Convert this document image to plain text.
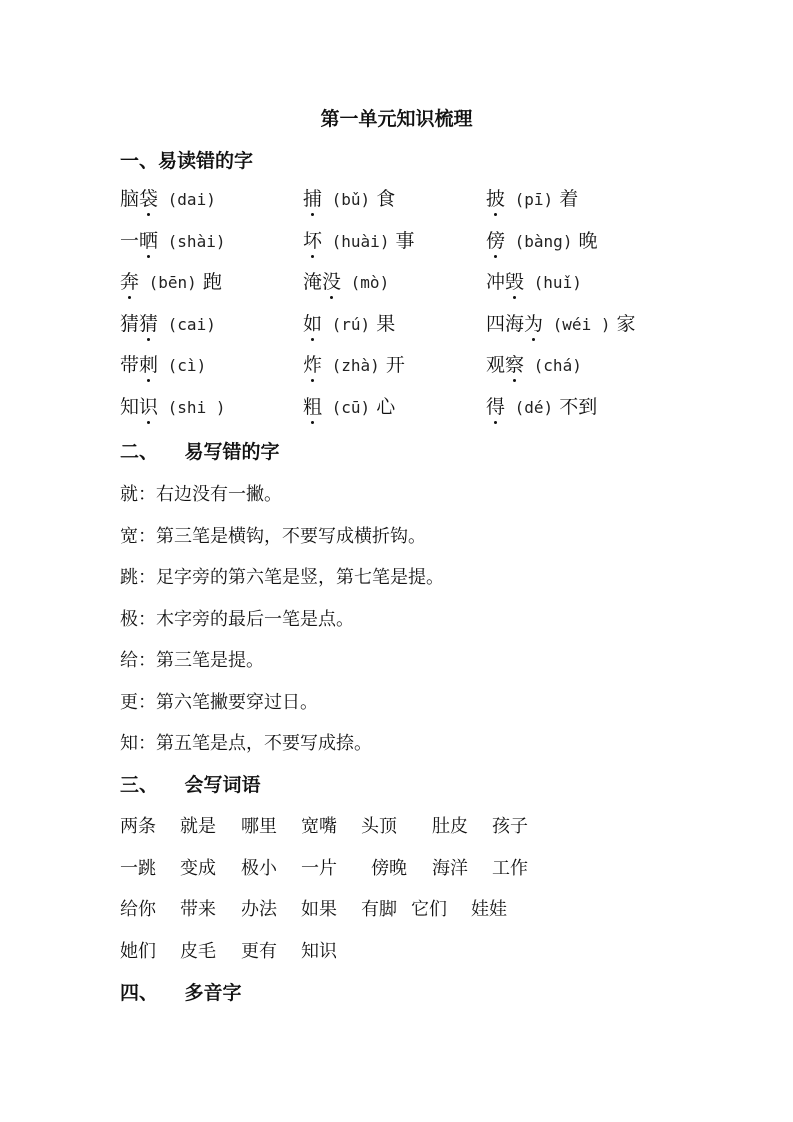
第一单元知识梳理
一、易读错的字
脑袋 (dai)	捕 (bǔ) 食	披 (pī) 着
一晒 (shài)	坏 (huài) 事	傍 (bàng) 晚
奔 (bēn) 跑	淹没 (mò)	冲毁 (huǐ)
猜猜 (cai)	如 (rú) 果	四海为 (wéi ) 家
带刺 (cì)	炸 (zhà) 开	观察 (chá)
知识 (shi )	粗 (cū) 心	得 (dé) 不到
二、    易写错的字
就：右边没有一撇。
宽：第三笔是横钩，不要写成横折钩。
跳：足字旁的第六笔是竖，第七笔是提。
极：木字旁的最后一笔是点。
给：第三笔是提。
更：第六笔撇要穿过日。
知：第五笔是点，不要写成捺。
三、    会写词语
两条 就是 哪里 宽嘴 头顶 肚皮 孩子
一跳 变成 极小 一片 傍晚 海洋 工作
给你 带来 办法 如果 有脚 它们 娃娃
她们 皮毛 更有 知识
四、    多音字
